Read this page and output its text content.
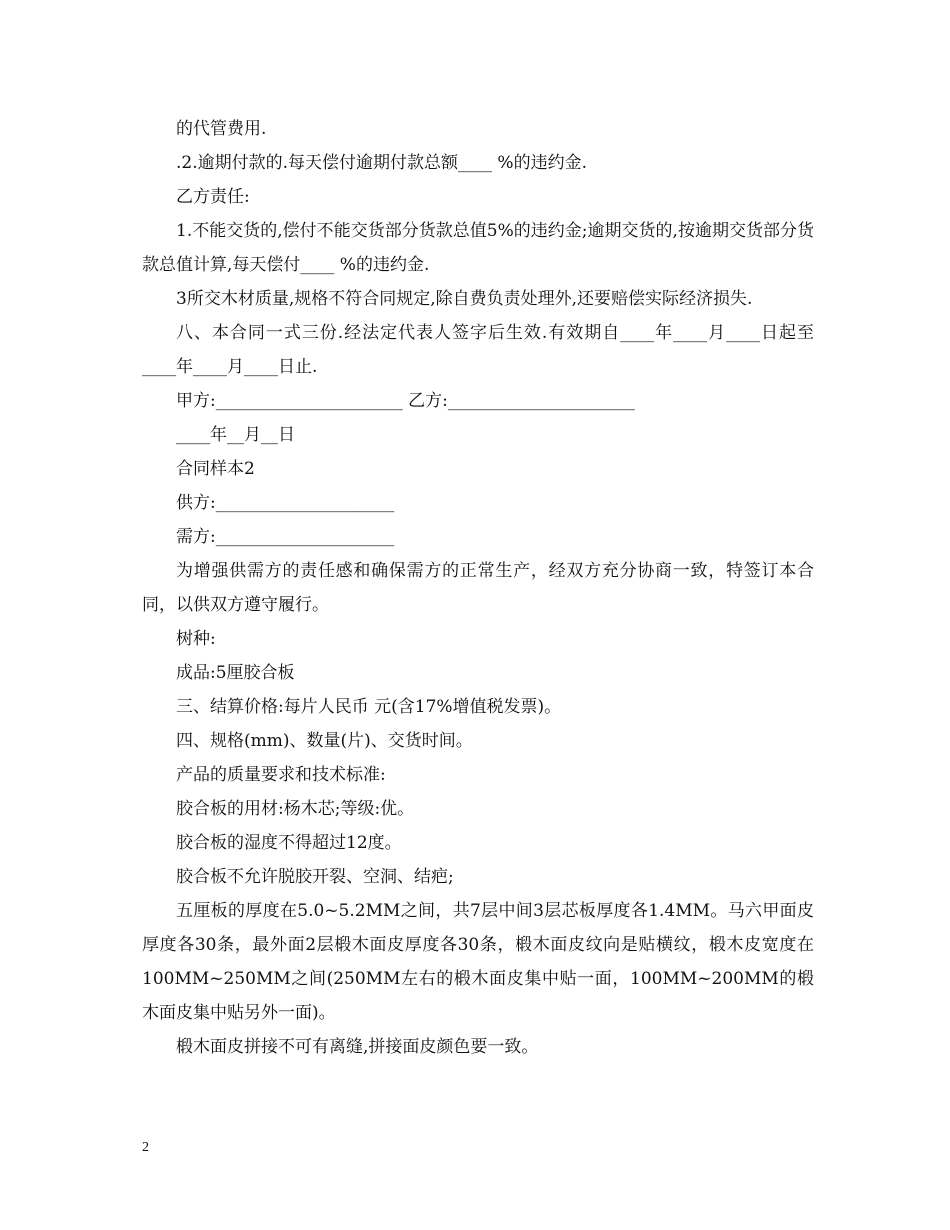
的代管费用.

.2.逾期付款的.每天偿付逾期付款总额____ %的违约金.

乙方责任:

1.不能交货的,偿付不能交货部分货款总值5%的违约金;逾期交货的,按逾期交货部分货款总值计算,每天偿付____ %的违约金.

3所交木材质量,规格不符合同规定,除自费负责处理外,还要赔偿实际经济损失.

八、本合同一式三份.经法定代表人签字后生效.有效期自____年____月____日起至____年____月____日止.

甲方:______________________ 乙方:______________________

____年__月__日

合同样本2

供方:_____________________

需方:_____________________

为增强供需方的责任感和确保需方的正常生产，经双方充分协商一致，特签订本合同，以供双方遵守履行。

树种:

成品:5厘胶合板

三、结算价格:每片人民币 元(含17%增值税发票)。

四、规格(mm)、数量(片)、交货时间。

产品的质量要求和技术标准:

胶合板的用材:杨木芯;等级:优。

胶合板的湿度不得超过12度。

胶合板不允许脱胶开裂、空洞、结疤;

五厘板的厚度在5.0~5.2MM之间，共7层中间3层芯板厚度各1.4MM。马六甲面皮厚度各30条，最外面2层椴木面皮厚度各30条，椴木面皮纹向是贴横纹，椴木皮宽度在100MM~250MM之间(250MM左右的椴木面皮集中贴一面，100MM~200MM的椴木面皮集中贴另外一面)。

椴木面皮拼接不可有离缝,拼接面皮颜色要一致。

2
